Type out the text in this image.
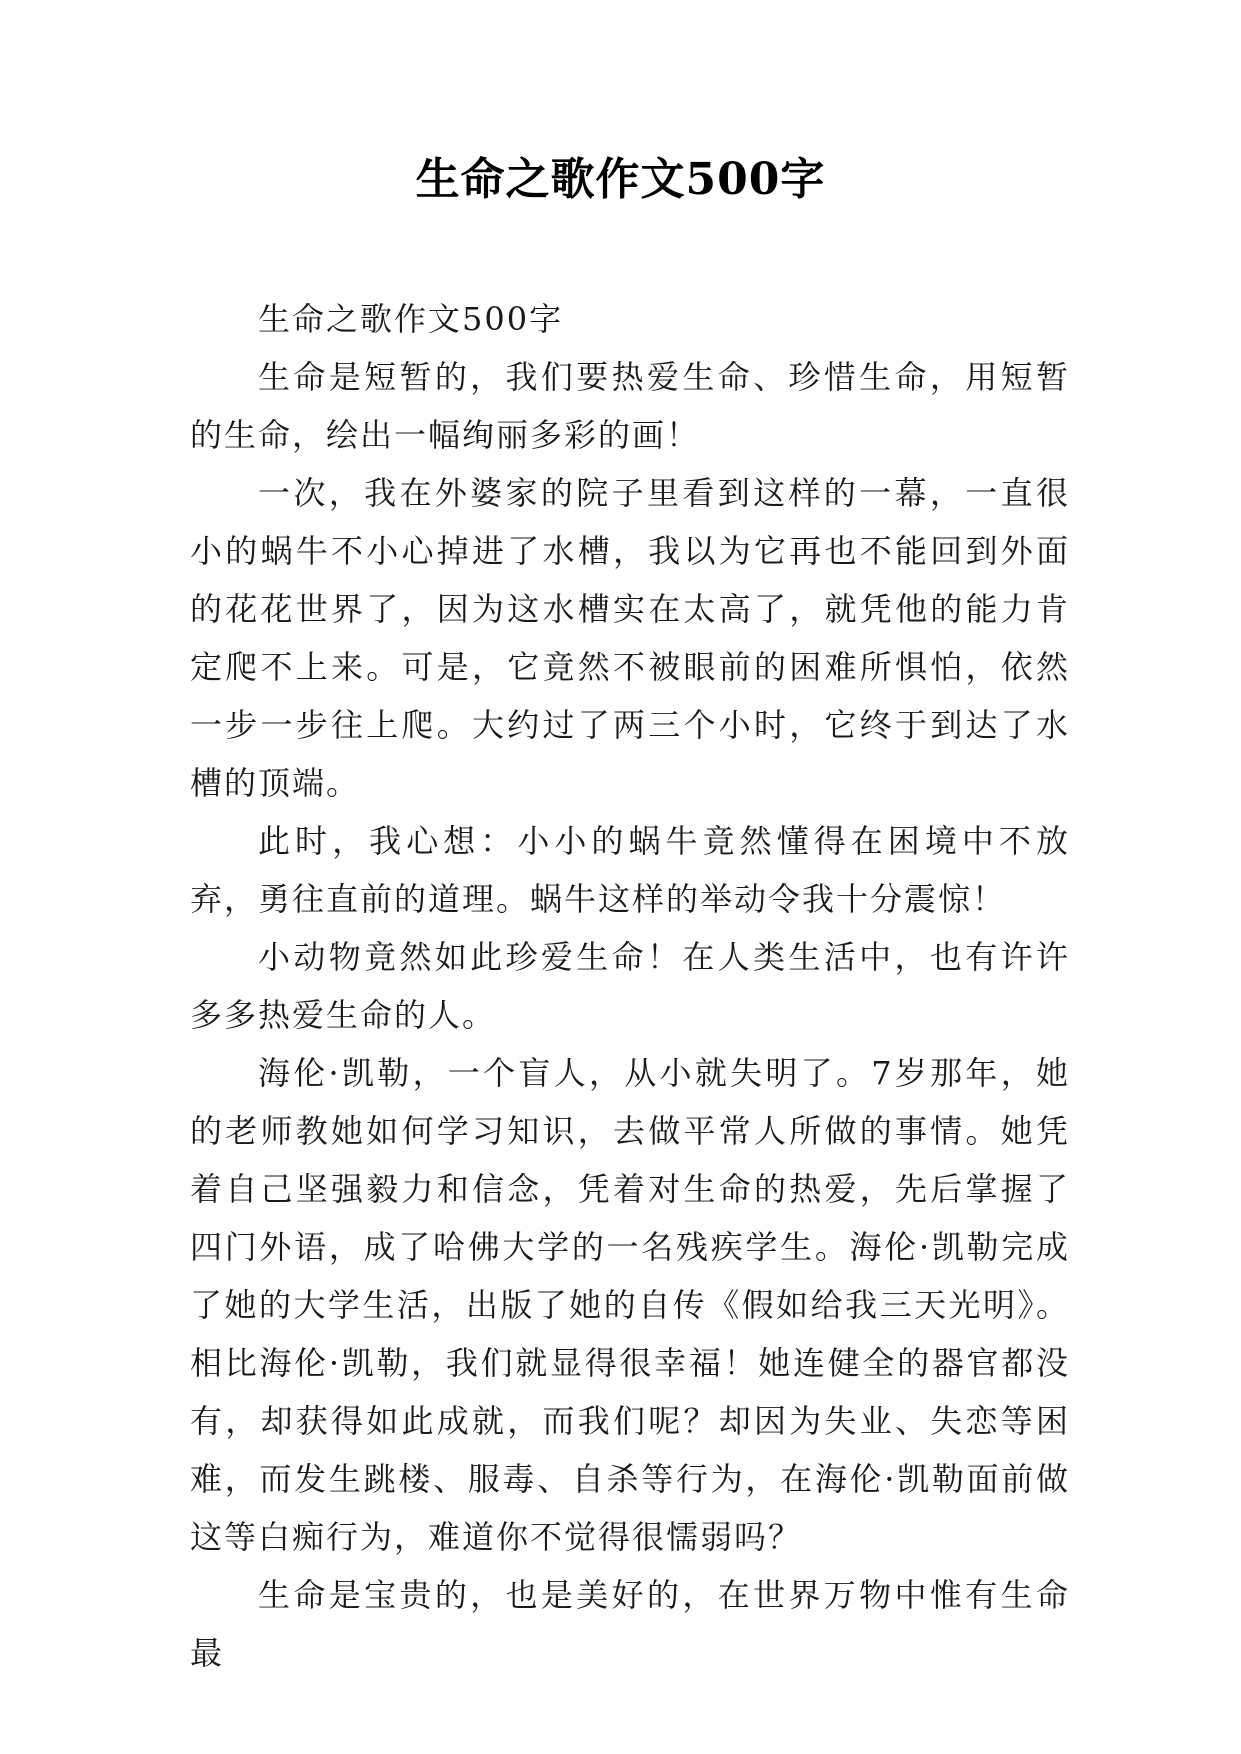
生命之歌作文500字

生命之歌作文500字

生命是短暂的，我们要热爱生命、珍惜生命，用短暂的生命，绘出一幅绚丽多彩的画！

一次，我在外婆家的院子里看到这样的一幕，一直很小的蜗牛不小心掉进了水槽，我以为它再也不能回到外面的花花世界了，因为这水槽实在太高了，就凭他的能力肯定爬不上来。可是，它竟然不被眼前的困难所惧怕，依然一步一步往上爬。大约过了两三个小时，它终于到达了水槽的顶端。

此时，我心想：小小的蜗牛竟然懂得在困境中不放弃，勇往直前的道理。蜗牛这样的举动令我十分震惊！

小动物竟然如此珍爱生命！在人类生活中，也有许许多多热爱生命的人。

海伦·凯勒，一个盲人，从小就失明了。7岁那年，她的老师教她如何学习知识，去做平常人所做的事情。她凭着自己坚强毅力和信念，凭着对生命的热爱，先后掌握了四门外语，成了哈佛大学的一名残疾学生。海伦·凯勒完成了她的大学生活，出版了她的自传《假如给我三天光明》。相比海伦·凯勒，我们就显得很幸福！她连健全的器官都没有，却获得如此成就，而我们呢？却因为失业、失恋等困难，而发生跳楼、服毒、自杀等行为，在海伦·凯勒面前做这等白痴行为，难道你不觉得很懦弱吗？

生命是宝贵的，也是美好的，在世界万物中惟有生命最
